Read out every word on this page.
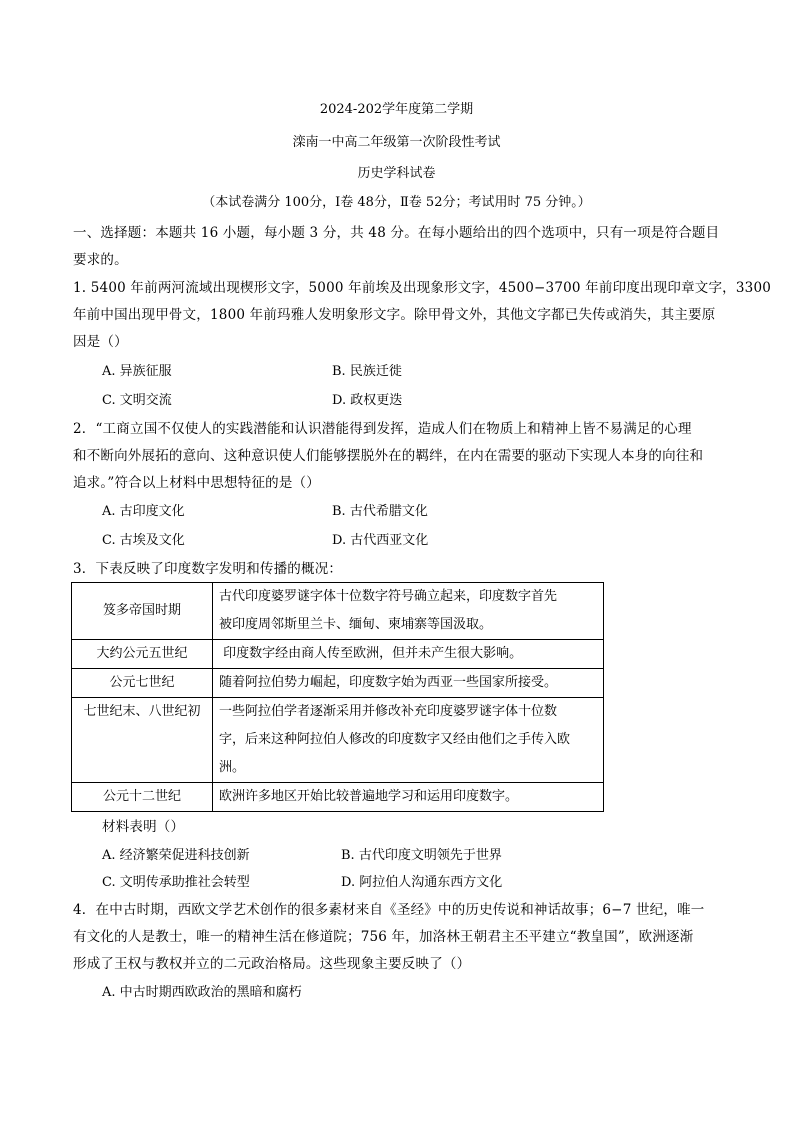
2024-202学年度第二学期
滦南一中高二年级第一次阶段性考试
历史学科试卷
（本试卷满分 100分，Ⅰ卷 48分，Ⅱ卷 52分；考试用时 75 分钟。）
一、选择题：本题共 16 小题，每小题 3 分，共 48 分。在每小题给出的四个选项中，只有一项是符合题目
要求的。
1. 5400 年前两河流域出现楔形文字，5000 年前埃及出现象形文字，4500−3700 年前印度出现印章文字，3300
年前中国出现甲骨文，1800 年前玛雅人发明象形文字。除甲骨文外，其他文字都已失传或消失，其主要原
因是（）
A. 异族征服	B. 民族迁徙
C. 文明交流	D. 政权更迭
2．“工商立国不仅使人的实践潜能和认识潜能得到发挥，造成人们在物质上和精神上皆不易满足的心理
和不断向外展拓的意向、这种意识使人们能够摆脱外在的羁绊，在内在需要的驱动下实现人本身的向往和
追求。”符合以上材料中思想特征的是（）
A. 古印度文化	B. 古代希腊文化
C. 古埃及文化	D. 古代西亚文化
3．下表反映了印度数字发明和传播的概况：
笈多帝国时期	古代印度婆罗谜字体十位数字符号确立起来，印度数字首先
被印度周邻斯里兰卡、缅甸、柬埔寨等国汲取。

大约公元五世纪	印度数字经由商人传至欧洲，但并未产生很大影响。

公元七世纪	随着阿拉伯势力崛起，印度数字始为西亚一些国家所接受。

七世纪末、八世纪初	一些阿拉伯学者逐渐采用并修改补充印度婆罗谜字体十位数
字，后来这种阿拉伯人修改的印度数字又经由他们之手传入欧
洲。

公元十二世纪	欧洲许多地区开始比较普遍地学习和运用印度数字。
材料表明（）
A. 经济繁荣促进科技创新	B. 古代印度文明领先于世界
C. 文明传承助推社会转型	D. 阿拉伯人沟通东西方文化
4．在中古时期，西欧文学艺术创作的很多素材来自《圣经》中的历史传说和神话故事；6−7 世纪，唯一
有文化的人是教士，唯一的精神生活在修道院；756 年，加洛林王朝君主丕平建立“教皇国”，欧洲逐渐
形成了王权与教权并立的二元政治格局。这些现象主要反映了（）
A. 中古时期西欧政治的黑暗和腐朽
